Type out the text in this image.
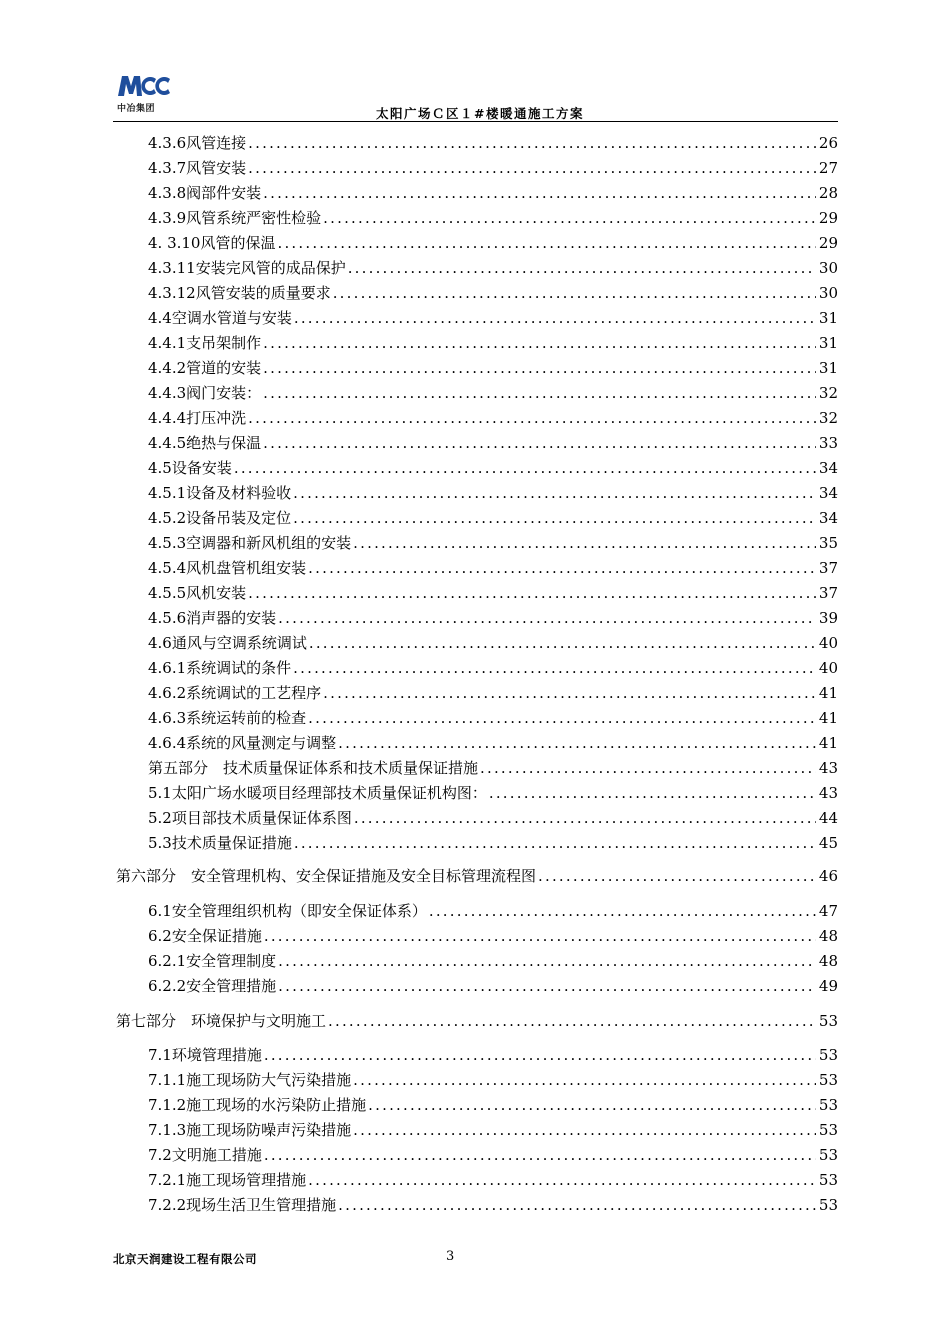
中冶集团	太阳广场Ｃ区１#楼暖通施工方案
4.3.6风管连接 .....	26
4.3.7风管安装 .....	27
4.3.8阀部件安装 .....	28
4.3.9风管系统严密性检验 .....	29
4. 3.10风管的保温 .....	29
4.3.11安装完风管的成品保护 .....	30
4.3.12风管安装的质量要求 .....	30
4.4空调水管道与安装 .....	31
4.4.1支吊架制作 .....	31
4.4.2管道的安装 .....	31
4.4.3阀门安装： .....	32
4.4.4打压冲洗 .....	32
4.4.5绝热与保温 .....	33
4.5设备安装 .....	34
4.5.1设备及材料验收 .....	34
4.5.2设备吊装及定位 .....	34
4.5.3空调器和新风机组的安装 .....	35
4.5.4风机盘管机组安装 .....	37
4.5.5风机安装 .....	37
4.5.6消声器的安装 .....	39
4.6通风与空调系统调试 .....	40
4.6.1系统调试的条件 .....	40
4.6.2系统调试的工艺程序 .....	41
4.6.3系统运转前的检查 .....	41
4.6.4系统的风量测定与调整 .....	41
第五部分　技术质量保证体系和技术质量保证措施 .....	43
5.1太阳广场水暖项目经理部技术质量保证机构图： .....	43
5.2项目部技术质量保证体系图 .....	44
5.3技术质量保证措施 .....	45
第六部分　安全管理机构、安全保证措施及安全目标管理流程图 .....	46
6.1安全管理组织机构（即安全保证体系） .....	47
6.2安全保证措施 .....	48
6.2.1安全管理制度 .....	48
6.2.2安全管理措施 .....	49
第七部分　环境保护与文明施工 .....	53
7.1环境管理措施 .....	53
7.1.1施工现场防大气污染措施 .....	53
7.1.2施工现场的水污染防止措施 .....	53
7.1.3施工现场防噪声污染措施 .....	53
7.2文明施工措施 .....	53
7.2.1施工现场管理措施 .....	53
7.2.2现场生活卫生管理措施 .....	53
北京天润建设工程有限公司	3
